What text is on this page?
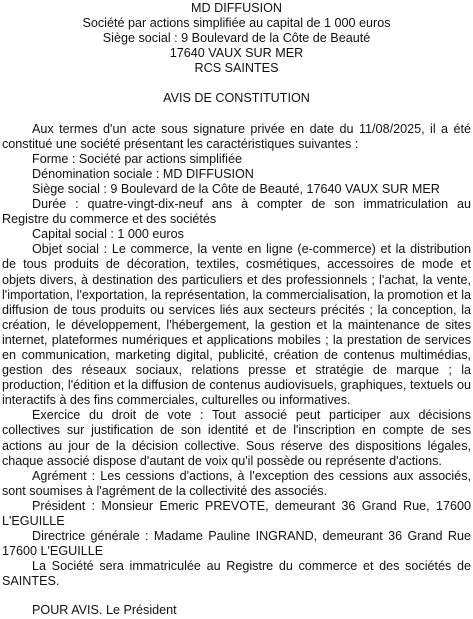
MD DIFFUSION
Société par actions simplifiée au capital de 1 000 euros
Siège social : 9 Boulevard de la Côte de Beauté
17640 VAUX SUR MER
RCS SAINTES
AVIS DE CONSTITUTION

Aux termes d'un acte sous signature privée en date du 11/08/2025, il a été constitué une société présentant les caractéristiques suivantes :

Forme : Société par actions simplifiée

Dénomination sociale : MD DIFFUSION

Siège social : 9 Boulevard de la Côte de Beauté, 17640 VAUX SUR MER

Durée : quatre-vingt-dix-neuf ans à compter de son immatriculation au Registre du commerce et des sociétés

Capital social : 1 000 euros

Objet social : Le commerce, la vente en ligne (e-commerce) et la distribution de tous produits de décoration, textiles, cosmétiques, accessoires de mode et objets divers, à destination des particuliers et des professionnels ; l'achat, la vente, l'importation, l'exportation, la représentation, la commercialisation, la promotion et la diffusion de tous produits ou services liés aux secteurs précités ; la conception, la création, le développement, l'hébergement, la gestion et la maintenance de sites internet, plateformes numériques et applications mobiles ; la prestation de services en communication, marketing digital, publicité, création de contenus multimédias, gestion des réseaux sociaux, relations presse et stratégie de marque ; la production, l'édition et la diffusion de contenus audiovisuels, graphiques, textuels ou interactifs à des fins commerciales, culturelles ou informatives.

Exercice du droit de vote : Tout associé peut participer aux décisions collectives sur justification de son identité et de l'inscription en compte de ses actions au jour de la décision collective. Sous réserve des dispositions légales, chaque associé dispose d'autant de voix qu'il possède ou représente d'actions.

Agrément : Les cessions d'actions, à l'exception des cessions aux associés, sont soumises à l'agrément de la collectivité des associés.

Président : Monsieur Emeric PREVOTE, demeurant 36 Grand Rue, 17600 L'EGUILLE

Directrice générale : Madame Pauline INGRAND, demeurant 36 Grand Rue 17600 L'EGUILLE

La Société sera immatriculée au Registre du commerce et des sociétés de SAINTES.

POUR AVIS. Le Président
